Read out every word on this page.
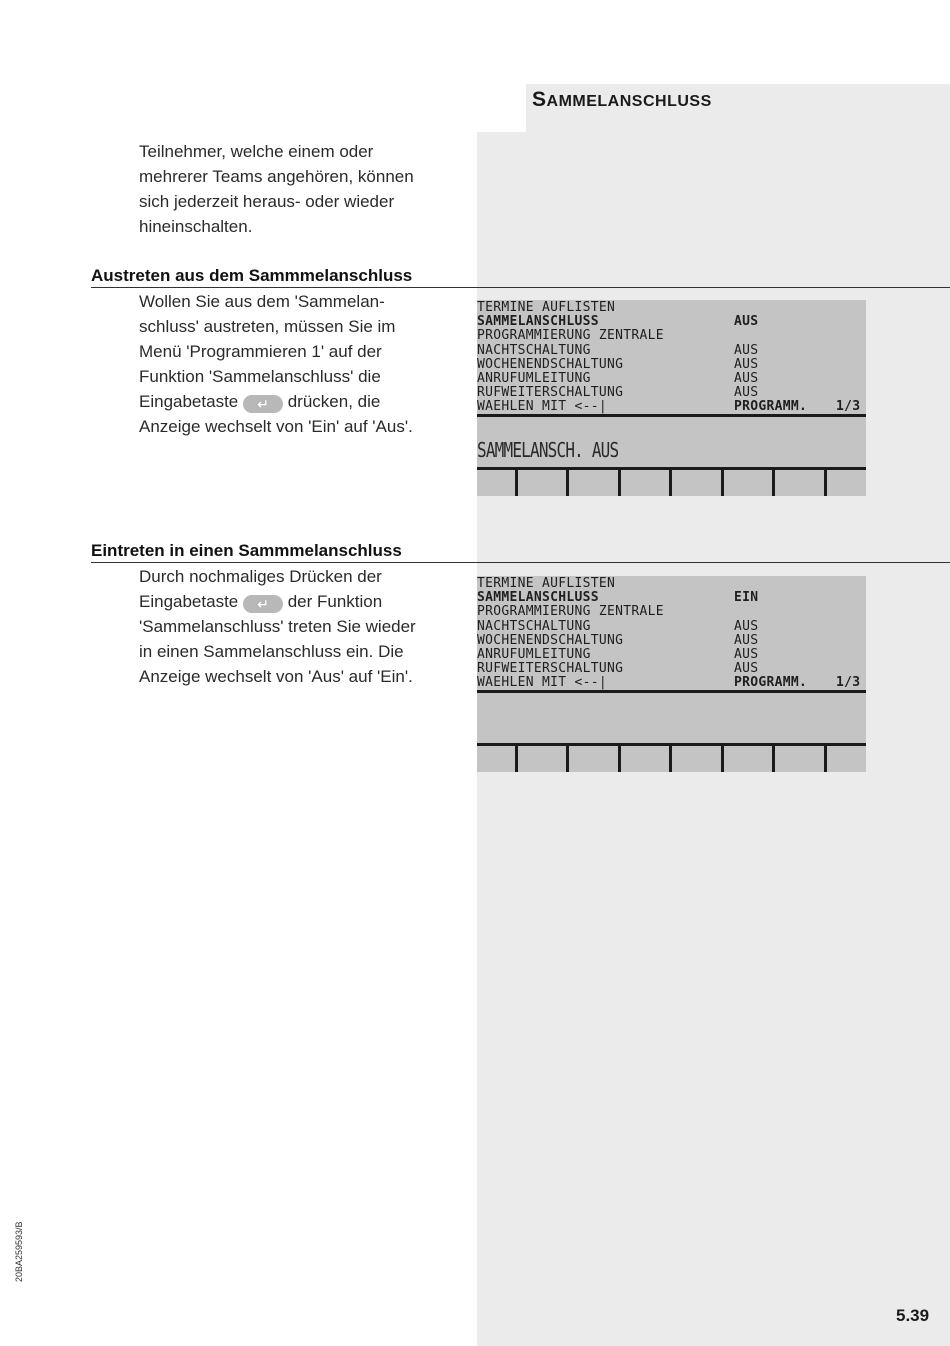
SAMMELANSCHLUSS
Teilnehmer, welche einem oder
mehrerer Teams angehören, können
sich jederzeit heraus- oder wieder
hineinschalten.
Austreten aus dem Sammmelanschluss
Wollen Sie aus dem 'Sammelan-
schluss' austreten, müssen Sie im
Menü 'Programmieren 1' auf der
Funktion 'Sammelanschluss' die
Eingabetaste ↵ drücken, die
Anzeige wechselt von 'Ein' auf 'Aus'.
TERMINE AUFLISTEN
SAMMELANSCHLUSS	AUS
PROGRAMMIERUNG ZENTRALE
NACHTSCHALTUNG	AUS
WOCHENENDSCHALTUNG	AUS
ANRUFUMLEITUNG	AUS
RUFWEITERSCHALTUNG	AUS
WAEHLEN MIT <--|	PROGRAMM. 1/3
SAMMELANSCH. AUS
Eintreten in einen Sammmelanschluss
Durch nochmaliges Drücken der
Eingabetaste ↵ der Funktion
'Sammelanschluss' treten Sie wieder
in einen Sammelanschluss ein. Die
Anzeige wechselt von 'Aus' auf 'Ein'.
TERMINE AUFLISTEN
SAMMELANSCHLUSS	EIN
PROGRAMMIERUNG ZENTRALE
NACHTSCHALTUNG	AUS
WOCHENENDSCHALTUNG	AUS
ANRUFUMLEITUNG	AUS
RUFWEITERSCHALTUNG	AUS
WAEHLEN MIT <--|	PROGRAMM. 1/3
20BA259593/B
5.39
